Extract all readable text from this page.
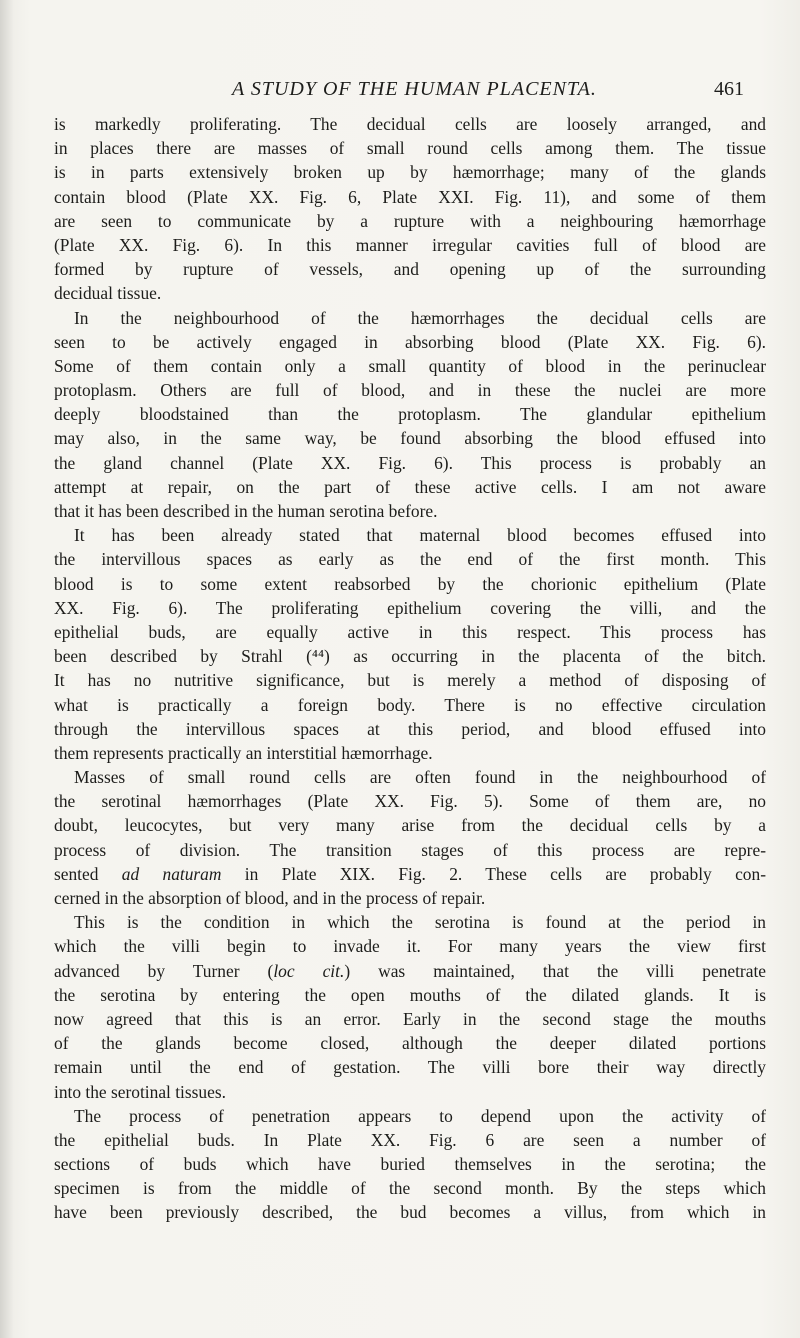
A STUDY OF THE HUMAN PLACENTA.	461
is markedly proliferating. The decidual cells are loosely arranged, and
in places there are masses of small round cells among them. The tissue
is in parts extensively broken up by hæmorrhage; many of the glands
contain blood (Plate XX. Fig. 6, Plate XXI. Fig. 11), and some of them
are seen to communicate by a rupture with a neighbouring hæmorrhage
(Plate XX. Fig. 6). In this manner irregular cavities full of blood are
formed by rupture of vessels, and opening up of the surrounding
decidual tissue.
In the neighbourhood of the hæmorrhages the decidual cells are
seen to be actively engaged in absorbing blood (Plate XX. Fig. 6).
Some of them contain only a small quantity of blood in the perinuclear
protoplasm. Others are full of blood, and in these the nuclei are more
deeply bloodstained than the protoplasm. The glandular epithelium
may also, in the same way, be found absorbing the blood effused into
the gland channel (Plate XX. Fig. 6). This process is probably an
attempt at repair, on the part of these active cells. I am not aware
that it has been described in the human serotina before.
It has been already stated that maternal blood becomes effused into
the intervillous spaces as early as the end of the first month. This
blood is to some extent reabsorbed by the chorionic epithelium (Plate
XX. Fig. 6). The proliferating epithelium covering the villi, and the
epithelial buds, are equally active in this respect. This process has
been described by Strahl (⁴⁴) as occurring in the placenta of the bitch.
It has no nutritive significance, but is merely a method of disposing of
what is practically a foreign body. There is no effective circulation
through the intervillous spaces at this period, and blood effused into
them represents practically an interstitial hæmorrhage.
Masses of small round cells are often found in the neighbourhood of
the serotinal hæmorrhages (Plate XX. Fig. 5). Some of them are, no
doubt, leucocytes, but very many arise from the decidual cells by a
process of division. The transition stages of this process are repre-
sented ad naturam in Plate XIX. Fig. 2. These cells are probably con-
cerned in the absorption of blood, and in the process of repair.
This is the condition in which the serotina is found at the period in
which the villi begin to invade it. For many years the view first
advanced by Turner (loc cit.) was maintained, that the villi penetrate
the serotina by entering the open mouths of the dilated glands. It is
now agreed that this is an error. Early in the second stage the mouths
of the glands become closed, although the deeper dilated portions
remain until the end of gestation. The villi bore their way directly
into the serotinal tissues.
The process of penetration appears to depend upon the activity of
the epithelial buds. In Plate XX. Fig. 6 are seen a number of
sections of buds which have buried themselves in the serotina; the
specimen is from the middle of the second month. By the steps which
have been previously described, the bud becomes a villus, from which in
